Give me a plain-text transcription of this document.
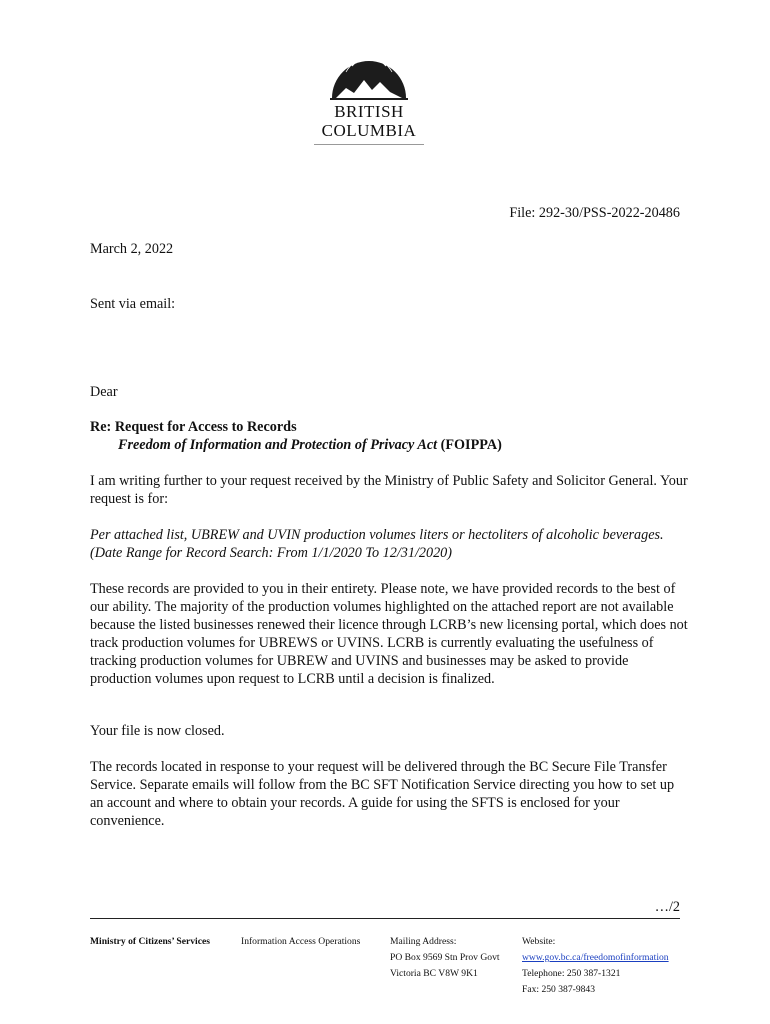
BRITISH
COLUMBIA
File: 292-30/PSS-2022-20486
March 2, 2022
Sent via email:
Dear
Re: Request for Access to Records
Freedom of Information and Protection of Privacy Act (FOIPPA)
I am writing further to your request received by the Ministry of Public Safety and Solicitor General. Your request is for:
Per attached list, UBREW and UVIN production volumes liters or hectoliters of alcoholic beverages. (Date Range for Record Search: From 1/1/2020 To 12/31/2020)
These records are provided to you in their entirety. Please note, we have provided records to the best of our ability. The majority of the production volumes highlighted on the attached report are not available because the listed businesses renewed their licence through LCRB’s new licensing portal, which does not track production volumes for UBREWS or UVINS. LCRB is currently evaluating the usefulness of tracking production volumes for UBREW and UVINS and businesses may be asked to provide production volumes upon request to LCRB until a decision is finalized.
Your file is now closed.
The records located in response to your request will be delivered through the BC Secure File Transfer Service. Separate emails will follow from the BC SFT Notification Service directing you how to set up an account and where to obtain your records. A guide for using the SFTS is enclosed for your convenience.
…/2
Ministry of Citizens’ Services	Information Access Operations	Mailing Address:
PO Box 9569 Stn Prov Govt
Victoria BC V8W 9K1
Website:
www.gov.bc.ca/freedomofinformation
Telephone: 250 387-1321
Fax: 250 387-9843
